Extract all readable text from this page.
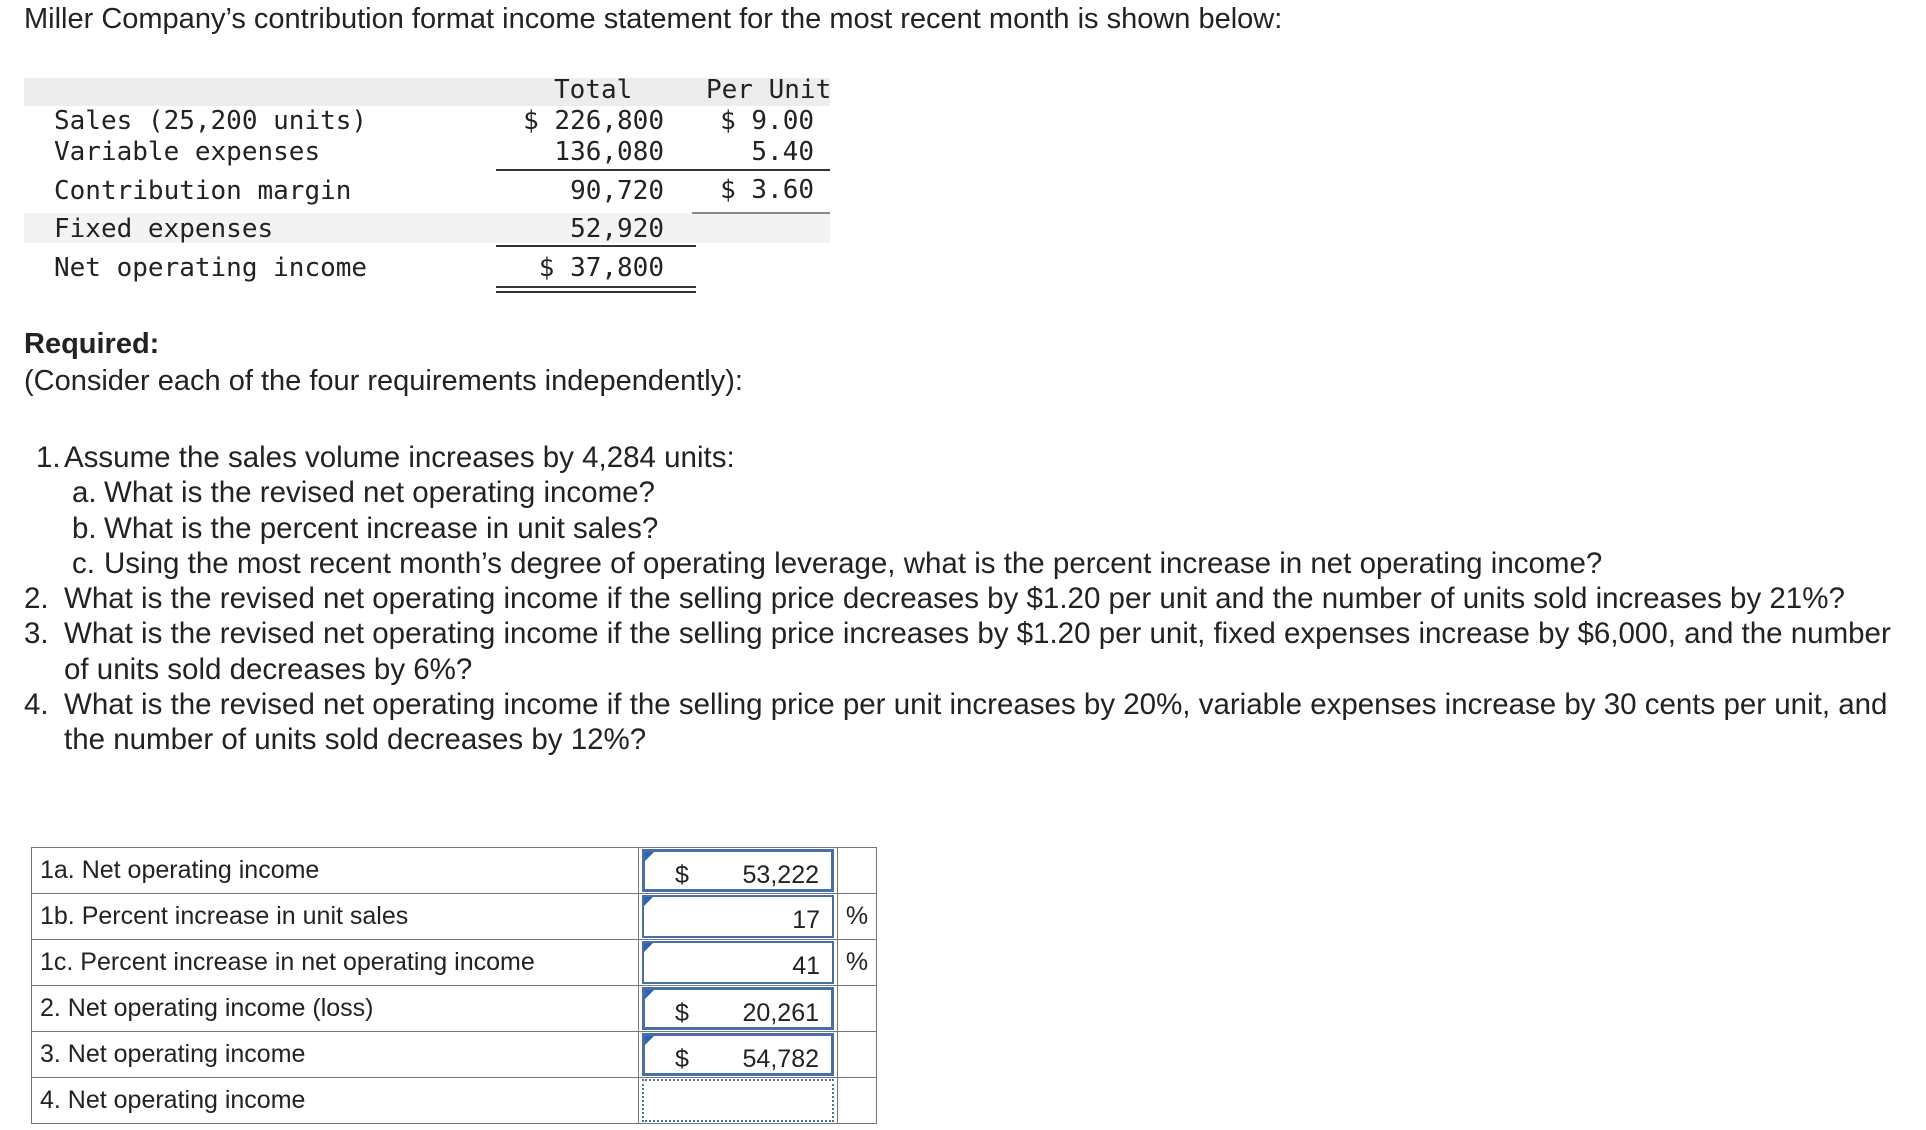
Miller Company’s contribution format income statement for the most recent month is shown below:
Total	Per Unit
Sales (25,200 units)	$ 226,800	$ 9.00
Variable expenses	136,080	5.40
Contribution margin	90,720	$ 3.60
Fixed expenses	52,920
Net operating income	$ 37,800
Required:
(Consider each of the four requirements independently):
1. Assume the sales volume increases by 4,284 units:
a. What is the revised net operating income?
b. What is the percent increase in unit sales?
c. Using the most recent month’s degree of operating leverage, what is the percent increase in net operating income?
2. What is the revised net operating income if the selling price decreases by $1.20 per unit and the number of units sold increases by 21%?
3. What is the revised net operating income if the selling price increases by $1.20 per unit, fixed expenses increase by $6,000, and the number of units sold decreases by 6%?
4. What is the revised net operating income if the selling price per unit increases by 20%, variable expenses increase by 30 cents per unit, and the number of units sold decreases by 12%?
1a. Net operating income	$ 53,222	

1b. Percent increase in unit sales	17	%
1c. Percent increase in net operating income	41	%
2. Net operating income (loss)	$ 20,261	

3. Net operating income	$ 54,782	

4. Net operating income	
